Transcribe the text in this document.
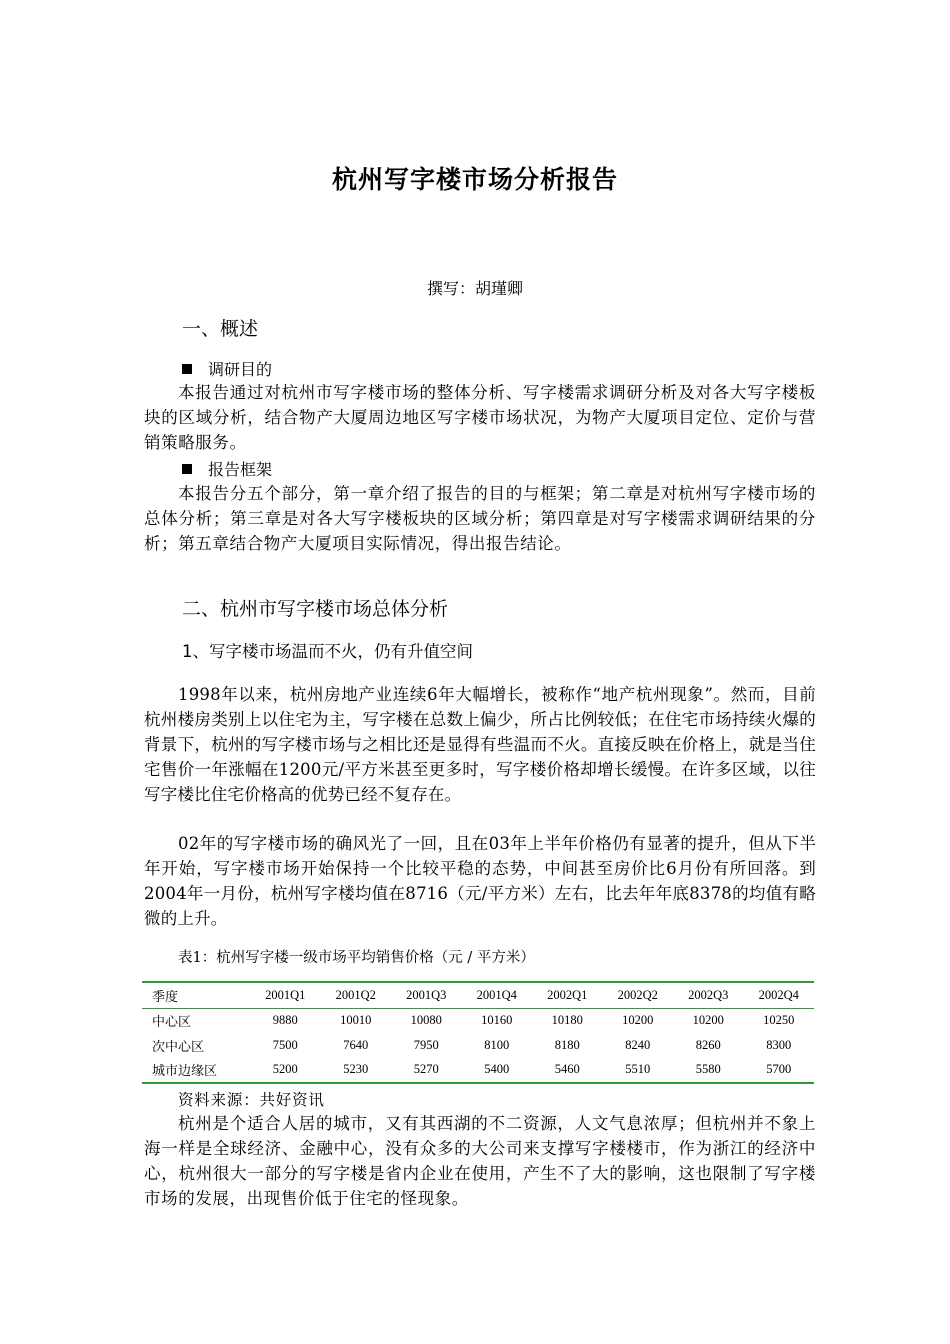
杭州写字楼市场分析报告
撰写：胡瑾卿
一、概述
调研目的
本报告通过对杭州市写字楼市场的整体分析、写字楼需求调研分析及对各大写字楼板块的区域分析，结合物产大厦周边地区写字楼市场状况，为物产大厦项目定位、定价与营销策略服务。
报告框架
本报告分五个部分，第一章介绍了报告的目的与框架；第二章是对杭州写字楼市场的总体分析；第三章是对各大写字楼板块的区域分析；第四章是对写字楼需求调研结果的分析；第五章结合物产大厦项目实际情况，得出报告结论。
二、杭州市写字楼市场总体分析
1、写字楼市场温而不火，仍有升值空间
1998年以来，杭州房地产业连续6年大幅增长，被称作“地产杭州现象”。然而，目前杭州楼房类别上以住宅为主，写字楼在总数上偏少，所占比例较低；在住宅市场持续火爆的背景下，杭州的写字楼市场与之相比还是显得有些温而不火。直接反映在价格上，就是当住宅售价一年涨幅在1200元/平方米甚至更多时，写字楼价格却增长缓慢。在许多区域，以往写字楼比住宅价格高的优势已经不复存在。
02年的写字楼市场的确风光了一回，且在03年上半年价格仍有显著的提升，但从下半年开始，写字楼市场开始保持一个比较平稳的态势，中间甚至房价比6月份有所回落。到2004年一月份，杭州写字楼均值在8716（元/平方米）左右，比去年年底8378的均值有略微的上升。
表1：杭州写字楼一级市场平均销售价格（元 / 平方米）
季度	2001Q1	2001Q2	2001Q3	2001Q4	2002Q1	2002Q2	2002Q3	2002Q4
中心区	9880	10010	10080	10160	10180	10200	10200	10250
次中心区	7500	7640	7950	8100	8180	8240	8260	8300
城市边缘区	5200	5230	5270	5400	5460	5510	5580	5700
资料来源：共好资讯
杭州是个适合人居的城市，又有其西湖的不二资源，人文气息浓厚；但杭州并不象上海一样是全球经济、金融中心，没有众多的大公司来支撑写字楼楼市，作为浙江的经济中心，杭州很大一部分的写字楼是省内企业在使用，产生不了大的影响，这也限制了写字楼市场的发展，出现售价低于住宅的怪现象。
